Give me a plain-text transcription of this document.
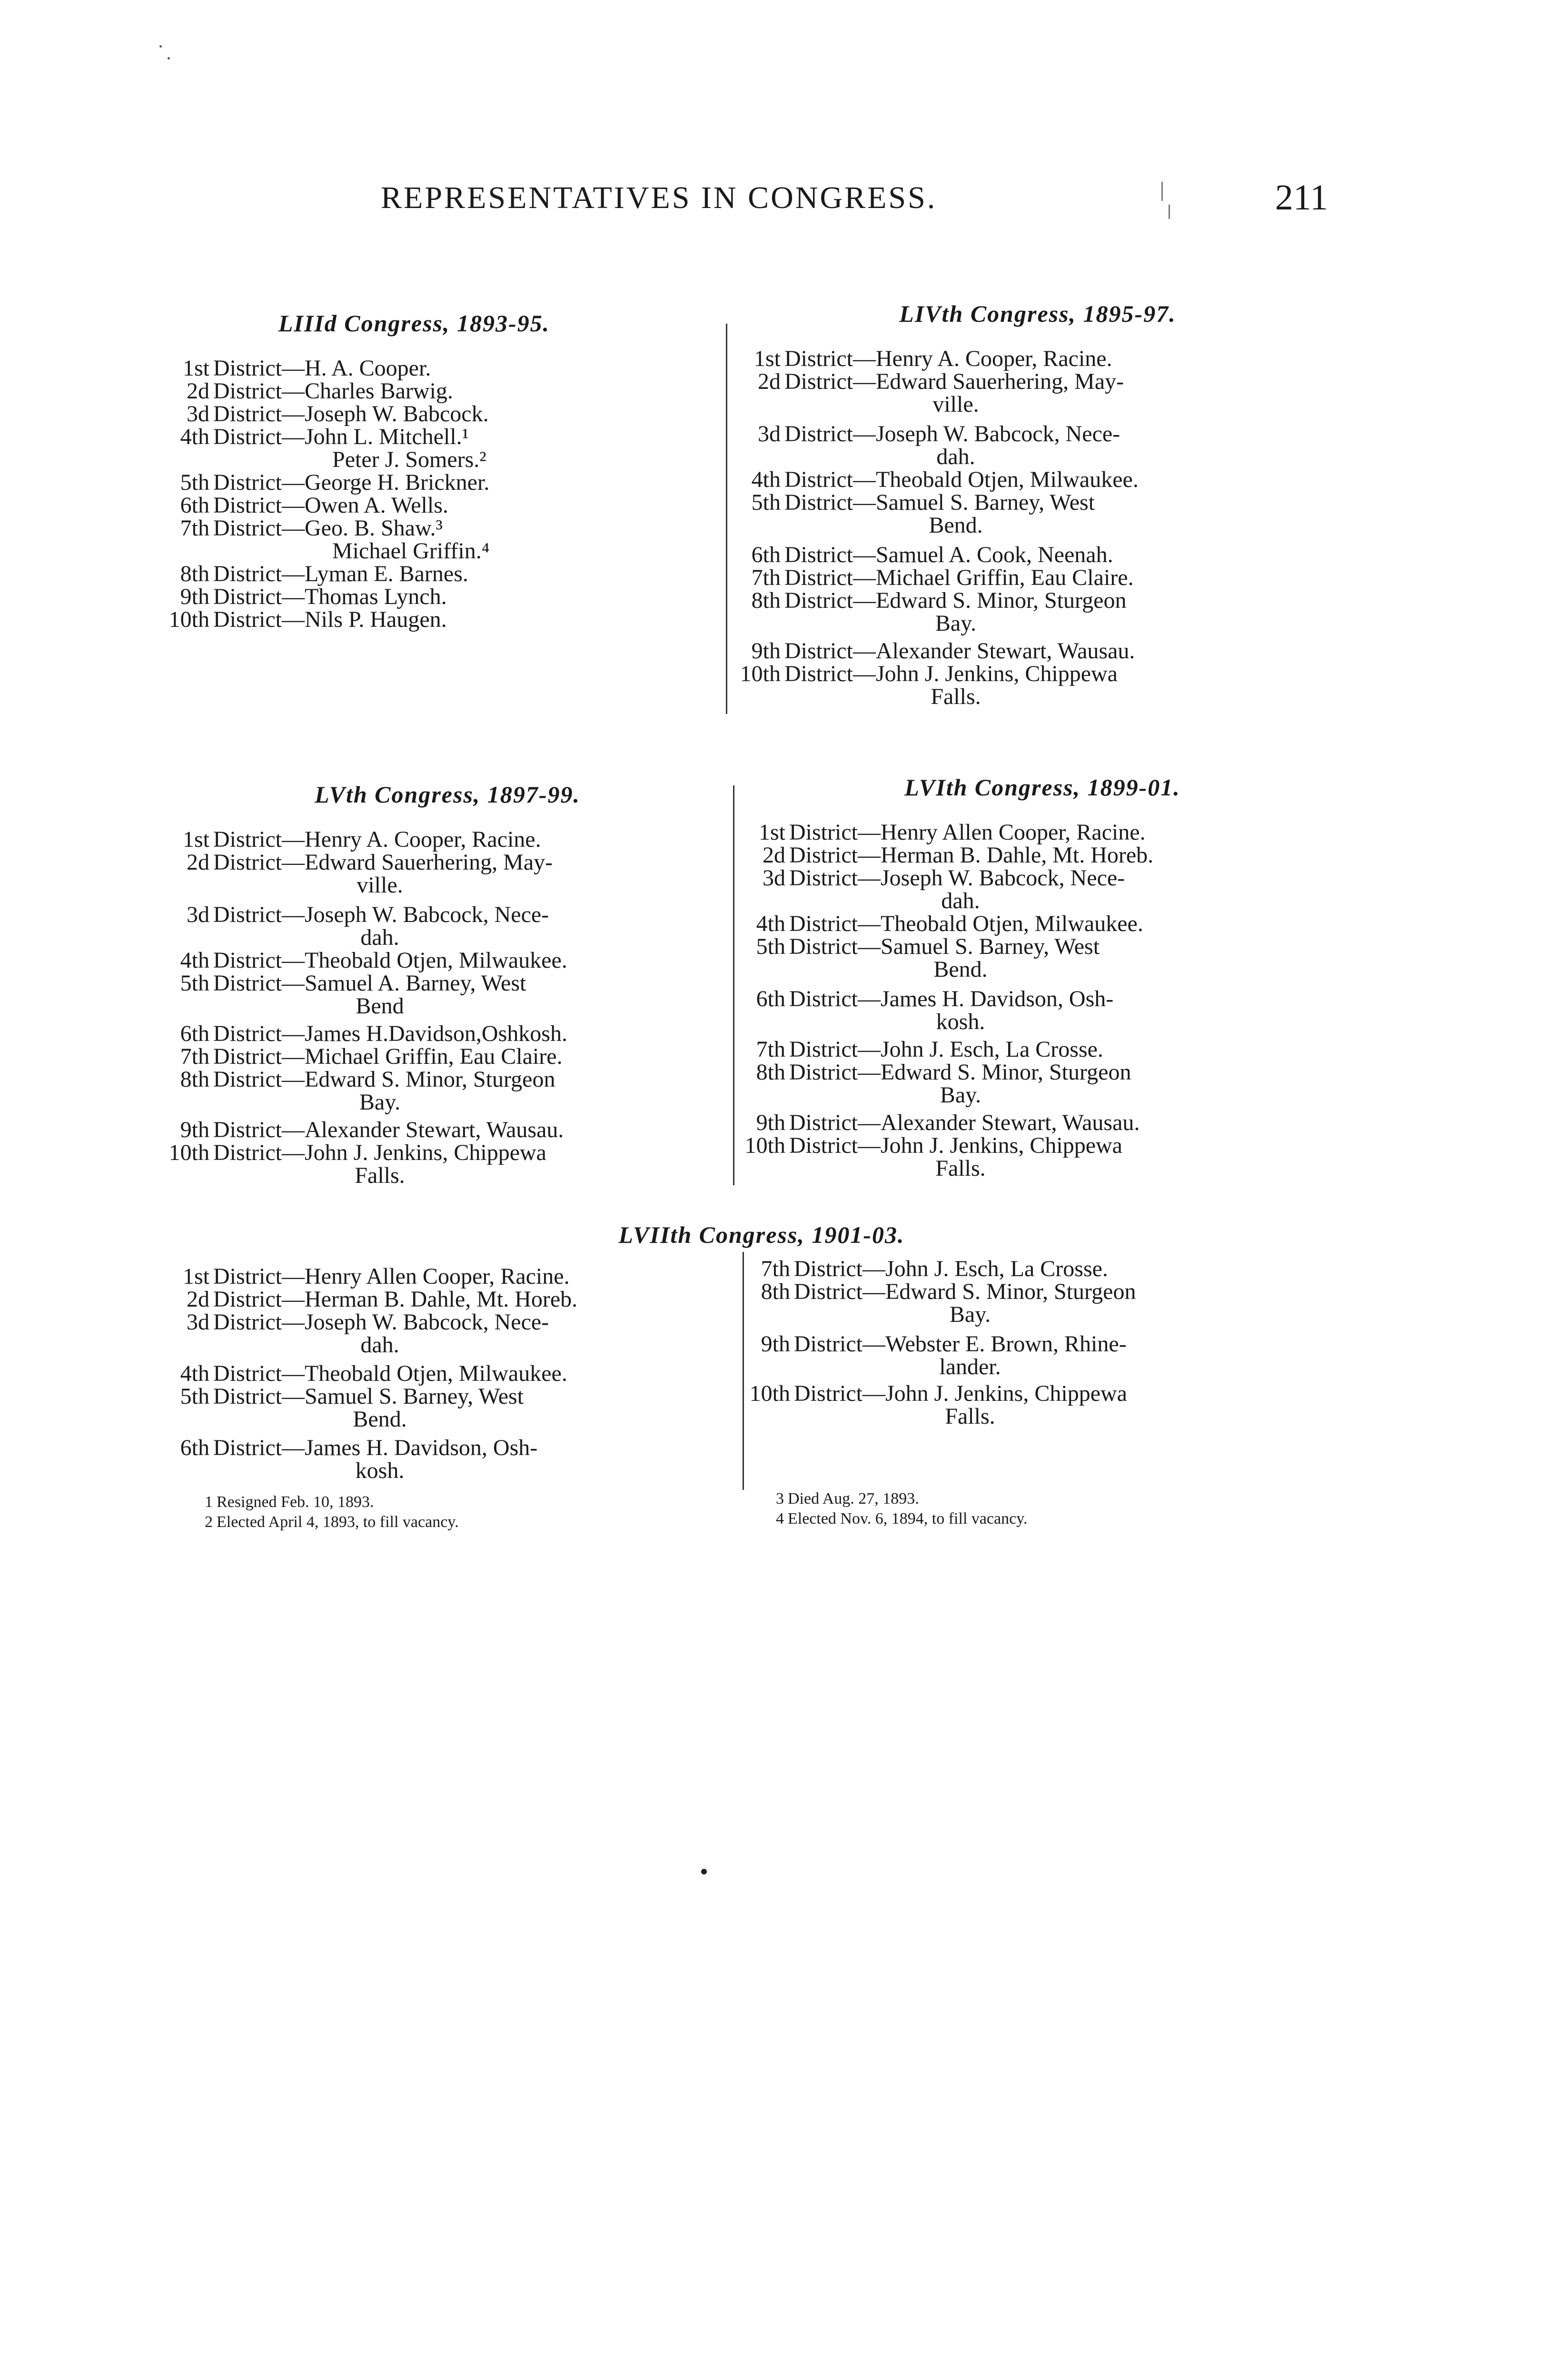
REPRESENTATIVES IN CONGRESS.	211
LIIId Congress, 1893-95.
1st District—H. A. Cooper.
2d District—Charles Barwig.
3d District—Joseph W. Babcock.
4th District—John L. Mitchell.¹
Peter J. Somers.²
5th District—George H. Brickner.
6th District—Owen A. Wells.
7th District—Geo. B. Shaw.³
Michael Griffin.⁴
8th District—Lyman E. Barnes.
9th District—Thomas Lynch.
10th District—Nils P. Haugen.
LIVth Congress, 1895-97.
1st District—Henry A. Cooper, Racine.
2d District—Edward Sauerhering, May-
ville.
3d District—Joseph W. Babcock, Nece-
dah.
4th District—Theobald Otjen, Milwaukee.
5th District—Samuel S. Barney, West
Bend.
6th District—Samuel A. Cook, Neenah.
7th District—Michael Griffin, Eau Claire.
8th District—Edward S. Minor, Sturgeon
Bay.
9th District—Alexander Stewart, Wausau.
10th District—John J. Jenkins, Chippewa
Falls.
LVth Congress, 1897-99.
1st District—Henry A. Cooper, Racine.
2d District—Edward Sauerhering, May-
ville.
3d District—Joseph W. Babcock, Nece-
dah.
4th District—Theobald Otjen, Milwaukee.
5th District—Samuel A. Barney, West
Bend
6th District—James H.Davidson,Oshkosh.
7th District—Michael Griffin, Eau Claire.
8th District—Edward S. Minor, Sturgeon
Bay.
9th District—Alexander Stewart, Wausau.
10th District—John J. Jenkins, Chippewa
Falls.
LVIth Congress, 1899-01.
1st District—Henry Allen Cooper, Racine.
2d District—Herman B. Dahle, Mt. Horeb.
3d District—Joseph W. Babcock, Nece-
dah.
4th District—Theobald Otjen, Milwaukee.
5th District—Samuel S. Barney, West
Bend.
6th District—James H. Davidson, Osh-
kosh.
7th District—John J. Esch, La Crosse.
8th District—Edward S. Minor, Sturgeon
Bay.
9th District—Alexander Stewart, Wausau.
10th District—John J. Jenkins, Chippewa
Falls.
LVIIth Congress, 1901-03.
1st District—Henry Allen Cooper, Racine.
2d District—Herman B. Dahle, Mt. Horeb.
3d District—Joseph W. Babcock, Nece-
dah.
4th District—Theobald Otjen, Milwaukee.
5th District—Samuel S. Barney, West
Bend.
6th District—James H. Davidson, Osh-
kosh.
7th District—John J. Esch, La Crosse.
8th District—Edward S. Minor, Sturgeon
Bay.
9th District—Webster E. Brown, Rhine-
lander.
10th District—John J. Jenkins, Chippewa
Falls.
1 Resigned Feb. 10, 1893.
2 Elected April 4, 1893, to fill vacancy.
3 Died Aug. 27, 1893.
4 Elected Nov. 6, 1894, to fill vacancy.
